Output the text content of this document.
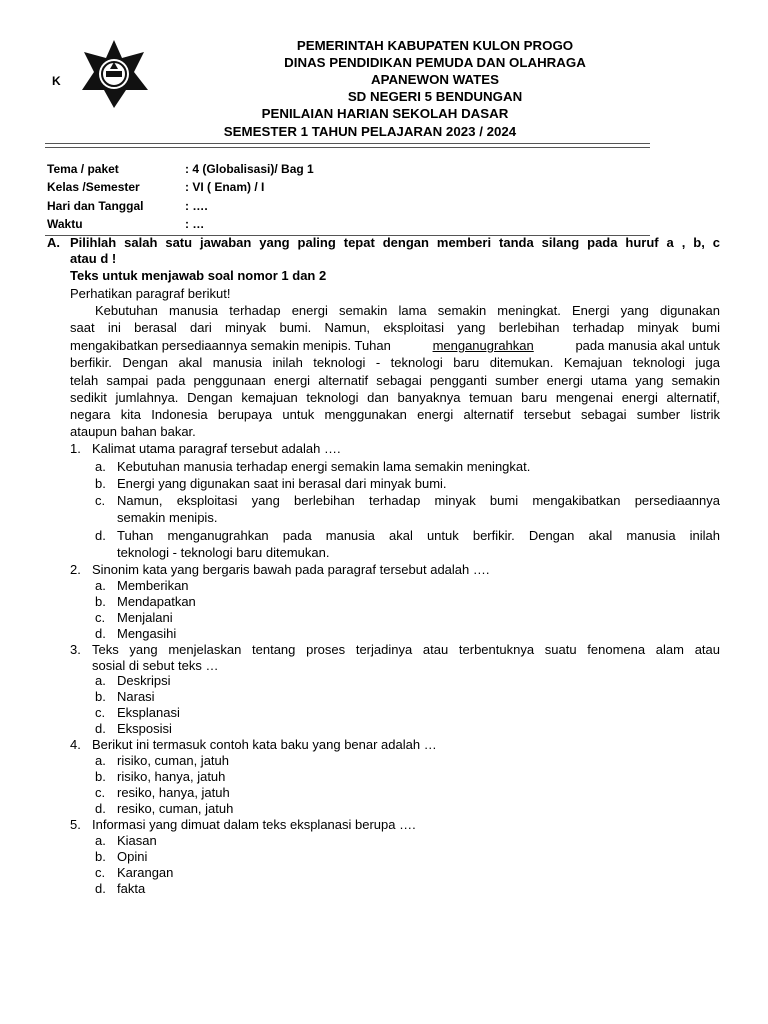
K
PEMERINTAH KABUPATEN KULON PROGO
DINAS PENDIDIKAN PEMUDA DAN OLAHRAGA
APANEWON WATES
SD NEGERI 5 BENDUNGAN
PENILAIAN HARIAN SEKOLAH DASAR
SEMESTER 1 TAHUN PELAJARAN 2023 / 2024
Tema / paket	: 4 (Globalisasi)/ Bag 1
Kelas /Semester	: VI ( Enam) / I
Hari dan Tanggal	: ….
Waktu	: …
A. Pilihlah salah satu jawaban yang paling tepat dengan memberi tanda silang pada huruf a , b, c
atau d !
Teks untuk menjawab soal nomor 1 dan 2
Perhatikan paragraf berikut!
Kebutuhan manusia terhadap energi semakin lama semakin meningkat. Energi yang digunakan
saat ini berasal dari minyak bumi. Namun, eksploitasi yang berlebihan terhadap minyak bumi
mengakibatkan persediaannya semakin menipis. Tuhan	menganugrahkan	pada manusia akal untuk
berfikir. Dengan akal manusia inilah teknologi - teknologi baru ditemukan. Kemajuan teknologi juga
telah sampai pada penggunaan energi alternatif sebagai pengganti sumber energi utama yang semakin
sedikit jumlahnya. Dengan kemajuan teknologi dan banyaknya temuan baru mengenai energi alternatif,
negara kita Indonesia berupaya untuk menggunakan energi alternatif tersebut sebagai sumber listrik
ataupun bahan bakar.
1. Kalimat utama paragraf tersebut adalah ….
a. Kebutuhan manusia terhadap energi semakin lama semakin meningkat.
b. Energi yang digunakan saat ini berasal dari minyak bumi.
c. Namun, eksploitasi yang berlebihan terhadap minyak bumi mengakibatkan persediaannya
semakin menipis.
d. Tuhan menganugrahkan pada manusia akal untuk berfikir. Dengan akal manusia inilah
teknologi - teknologi baru ditemukan.
2. Sinonim kata yang bergaris bawah pada paragraf tersebut adalah ….
a. Memberikan
b. Mendapatkan
c. Menjalani
d. Mengasihi
3. Teks yang menjelaskan tentang proses terjadinya atau terbentuknya suatu fenomena alam atau
sosial di sebut teks …
a. Deskripsi
b. Narasi
c. Eksplanasi
d. Eksposisi
4. Berikut ini termasuk contoh kata baku yang benar adalah …
a. risiko, cuman, jatuh
b. risiko, hanya, jatuh
c. resiko, hanya, jatuh
d. resiko, cuman, jatuh
5. Informasi yang dimuat dalam teks eksplanasi berupa ….
a. Kiasan
b. Opini
c. Karangan
d. fakta
